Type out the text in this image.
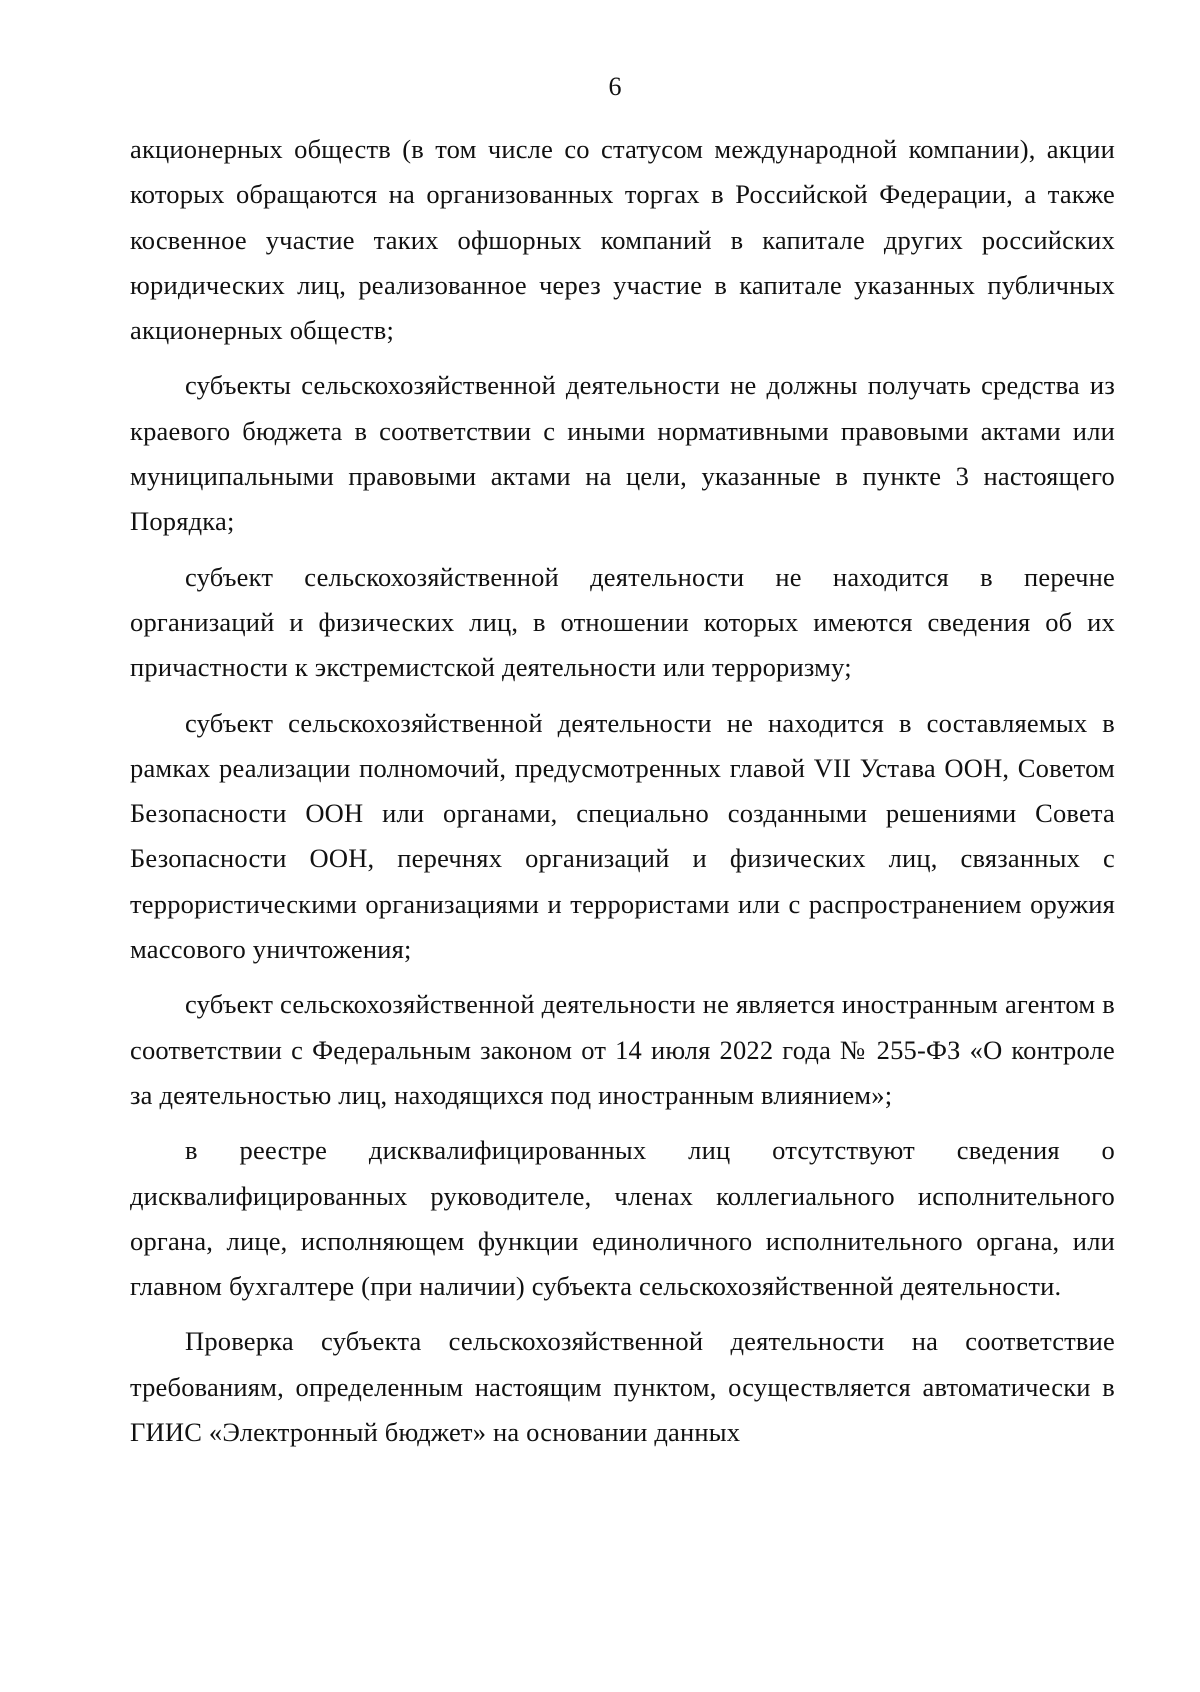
6

акционерных обществ (в том числе со статусом международной компании), акции которых обращаются на организованных торгах в Российской Федерации, а также косвенное участие таких офшорных компаний в капитале других российских юридических лиц, реализованное через участие в капитале указанных публичных акционерных обществ;

субъекты сельскохозяйственной деятельности не должны получать средства из краевого бюджета в соответствии с иными нормативными правовыми актами или муниципальными правовыми актами на цели, указанные в пункте 3 настоящего Порядка;

субъект сельскохозяйственной деятельности не находится в перечне организаций и физических лиц, в отношении которых имеются сведения об их причастности к экстремистской деятельности или терроризму;

субъект сельскохозяйственной деятельности не находится в составляемых в рамках реализации полномочий, предусмотренных главой VII Устава ООН, Советом Безопасности ООН или органами, специально созданными решениями Совета Безопасности ООН, перечнях организаций и физических лиц, связанных с террористическими организациями и террористами или с распространением оружия массового уничтожения;

субъект сельскохозяйственной деятельности не является иностранным агентом в соответствии с Федеральным законом от 14 июля 2022 года № 255-ФЗ «О контроле за деятельностью лиц, находящихся под иностранным влиянием»;

в реестре дисквалифицированных лиц отсутствуют сведения о дисквалифицированных руководителе, членах коллегиального исполнительного органа, лице, исполняющем функции единоличного исполнительного органа, или главном бухгалтере (при наличии) субъекта сельскохозяйственной деятельности.

Проверка субъекта сельскохозяйственной деятельности на соответствие требованиям, определенным настоящим пунктом, осуществляется автоматически в ГИИС «Электронный бюджет» на основании данных
